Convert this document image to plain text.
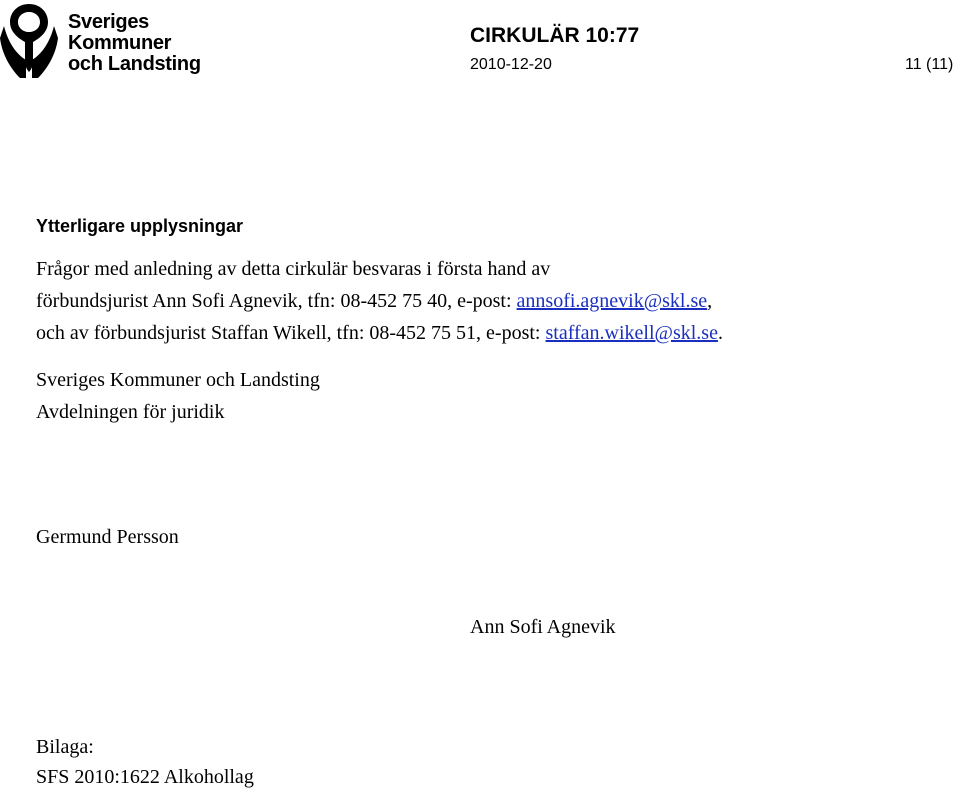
Sveriges
Kommuner
och Landsting
CIRKULÄR 10:77
2010-12-20	11 (11)
Ytterligare upplysningar
Frågor med anledning av detta cirkulär besvaras i första hand av
förbundsjurist Ann Sofi Agnevik, tfn: 08-452 75 40, e-post: annsofi.agnevik@skl.se,
och av förbundsjurist Staffan Wikell, tfn: 08-452 75 51, e-post: staffan.wikell@skl.se.
Sveriges Kommuner och Landsting
Avdelningen för juridik
Germund Persson
Ann Sofi Agnevik
Bilaga:
SFS 2010:1622 Alkohollag
